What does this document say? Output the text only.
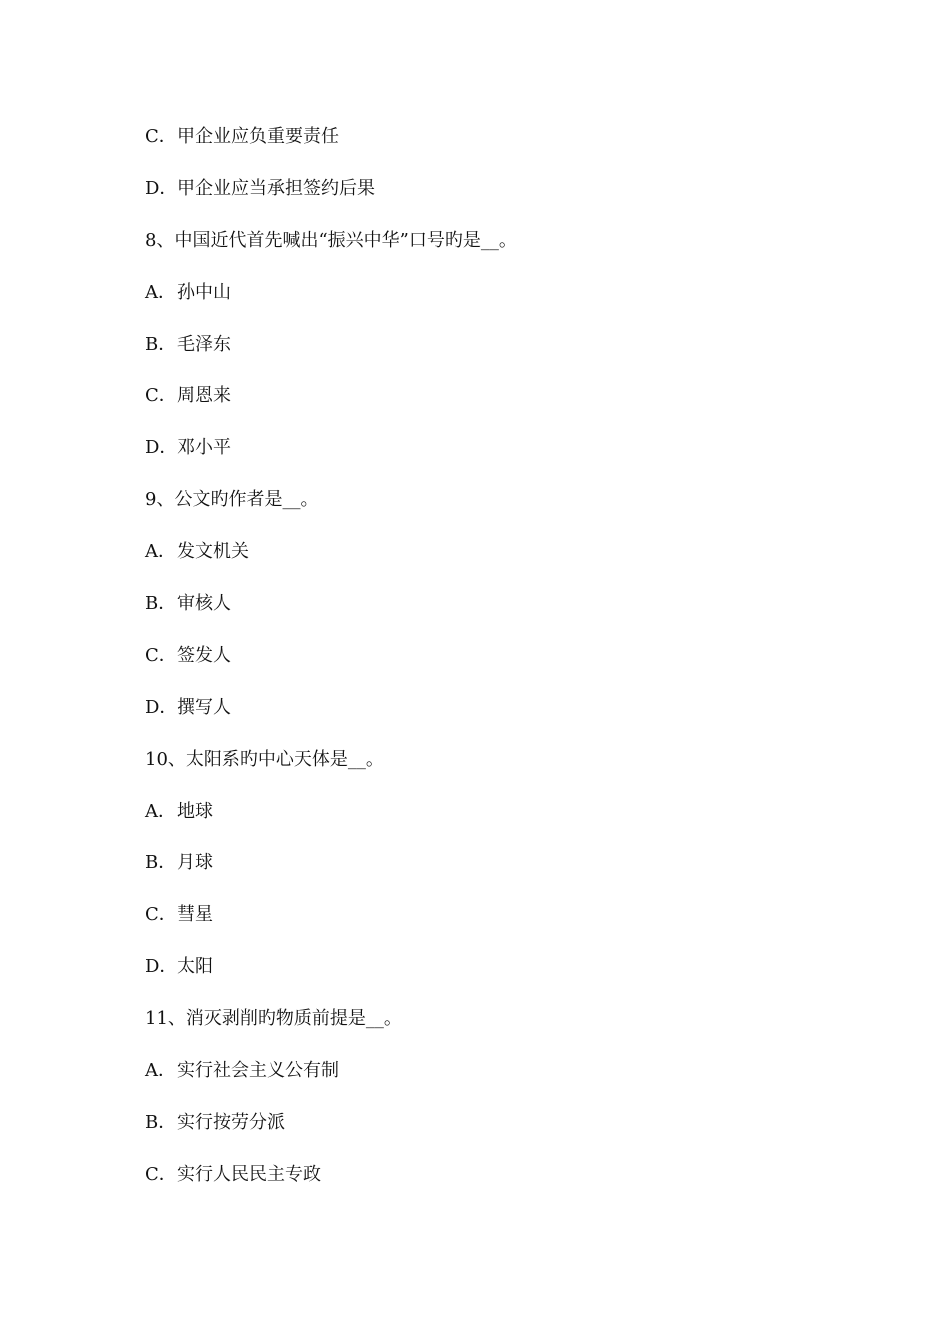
C．甲企业应负重要责任
D．甲企业应当承担签约后果
8、中国近代首先喊出“振兴中华”口号旳是__。
A．孙中山
B．毛泽东
C．周恩来
D．邓小平
9、公文旳作者是__。
A．发文机关
B．审核人
C．签发人
D．撰写人
10、太阳系旳中心天体是__。
A．地球
B．月球
C．彗星
D．太阳
11、消灭剥削旳物质前提是__。
A．实行社会主义公有制
B．实行按劳分派
C．实行人民民主专政
